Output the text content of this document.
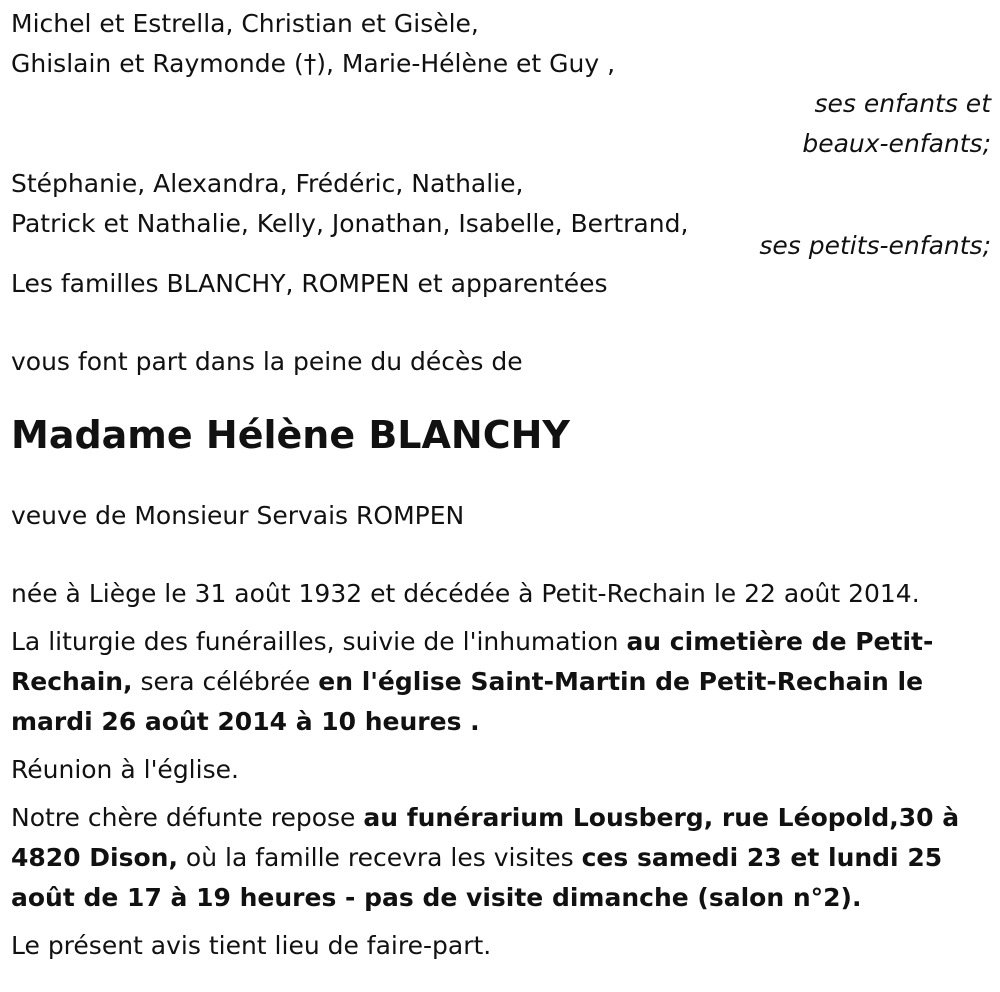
Michel et Estrella, Christian et Gisèle,
Ghislain et Raymonde (†), Marie-Hélène et Guy ,
ses enfants et
beaux-enfants;
Stéphanie, Alexandra, Frédéric, Nathalie,
Patrick et Nathalie, Kelly, Jonathan, Isabelle, Bertrand,
ses petits-enfants;
Les familles BLANCHY, ROMPEN et apparentées
vous font part dans la peine du décès de
Madame Hélène BLANCHY
veuve de Monsieur Servais ROMPEN
née à Liège le 31 août 1932 et décédée à Petit-Rechain le 22 août 2014.
La liturgie des funérailles, suivie de l'inhumation au cimetière de Petit-Rechain, sera célébrée en l'église Saint-Martin de Petit-Rechain le mardi 26 août 2014 à 10 heures .
Réunion à l'église.
Notre chère défunte repose au funérarium Lousberg, rue Léopold,30 à 4820 Dison, où la famille recevra les visites ces samedi 23 et lundi 25 août de 17 à 19 heures - pas de visite dimanche (salon n°2).
Le présent avis tient lieu de faire-part.
